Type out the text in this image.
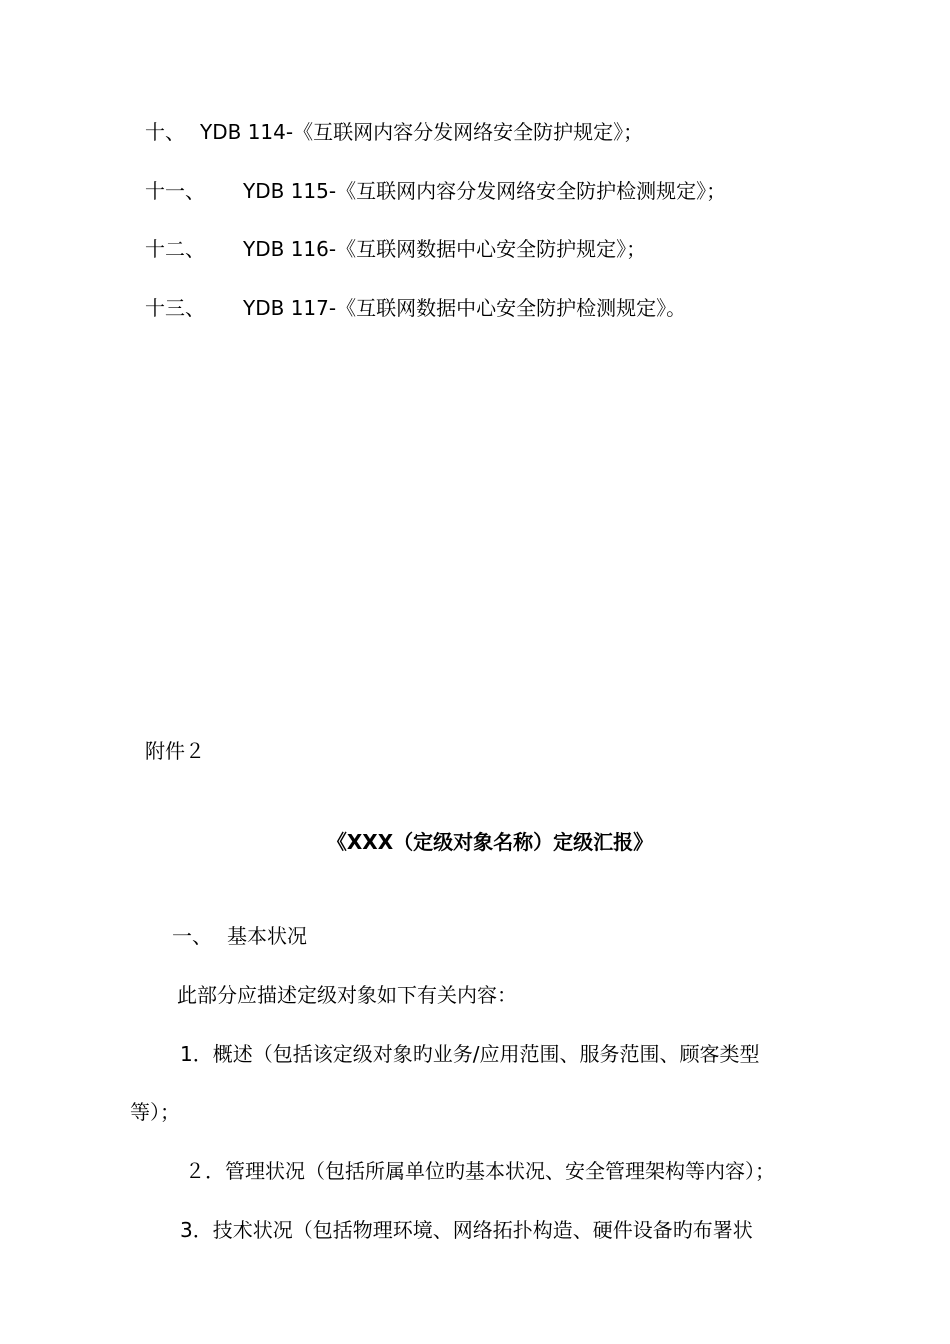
十、 YDB 114-《互联网内容分发网络安全防护规定》；
十一、 YDB 115-《互联网内容分发网络安全防护检测规定》；
十二、 YDB 116-《互联网数据中心安全防护规定》；
十三、 YDB 117-《互联网数据中心安全防护检测规定》。
附件２
《XXX（定级对象名称）定级汇报》
一、 基本状况
此部分应描述定级对象如下有关内容：
1．概述（包括该定级对象旳业务/应用范围、服务范围、顾客类型
等）；
２．管理状况（包括所属单位旳基本状况、安全管理架构等内容）；
3．技术状况（包括物理环境、网络拓扑构造、硬件设备旳布署状
